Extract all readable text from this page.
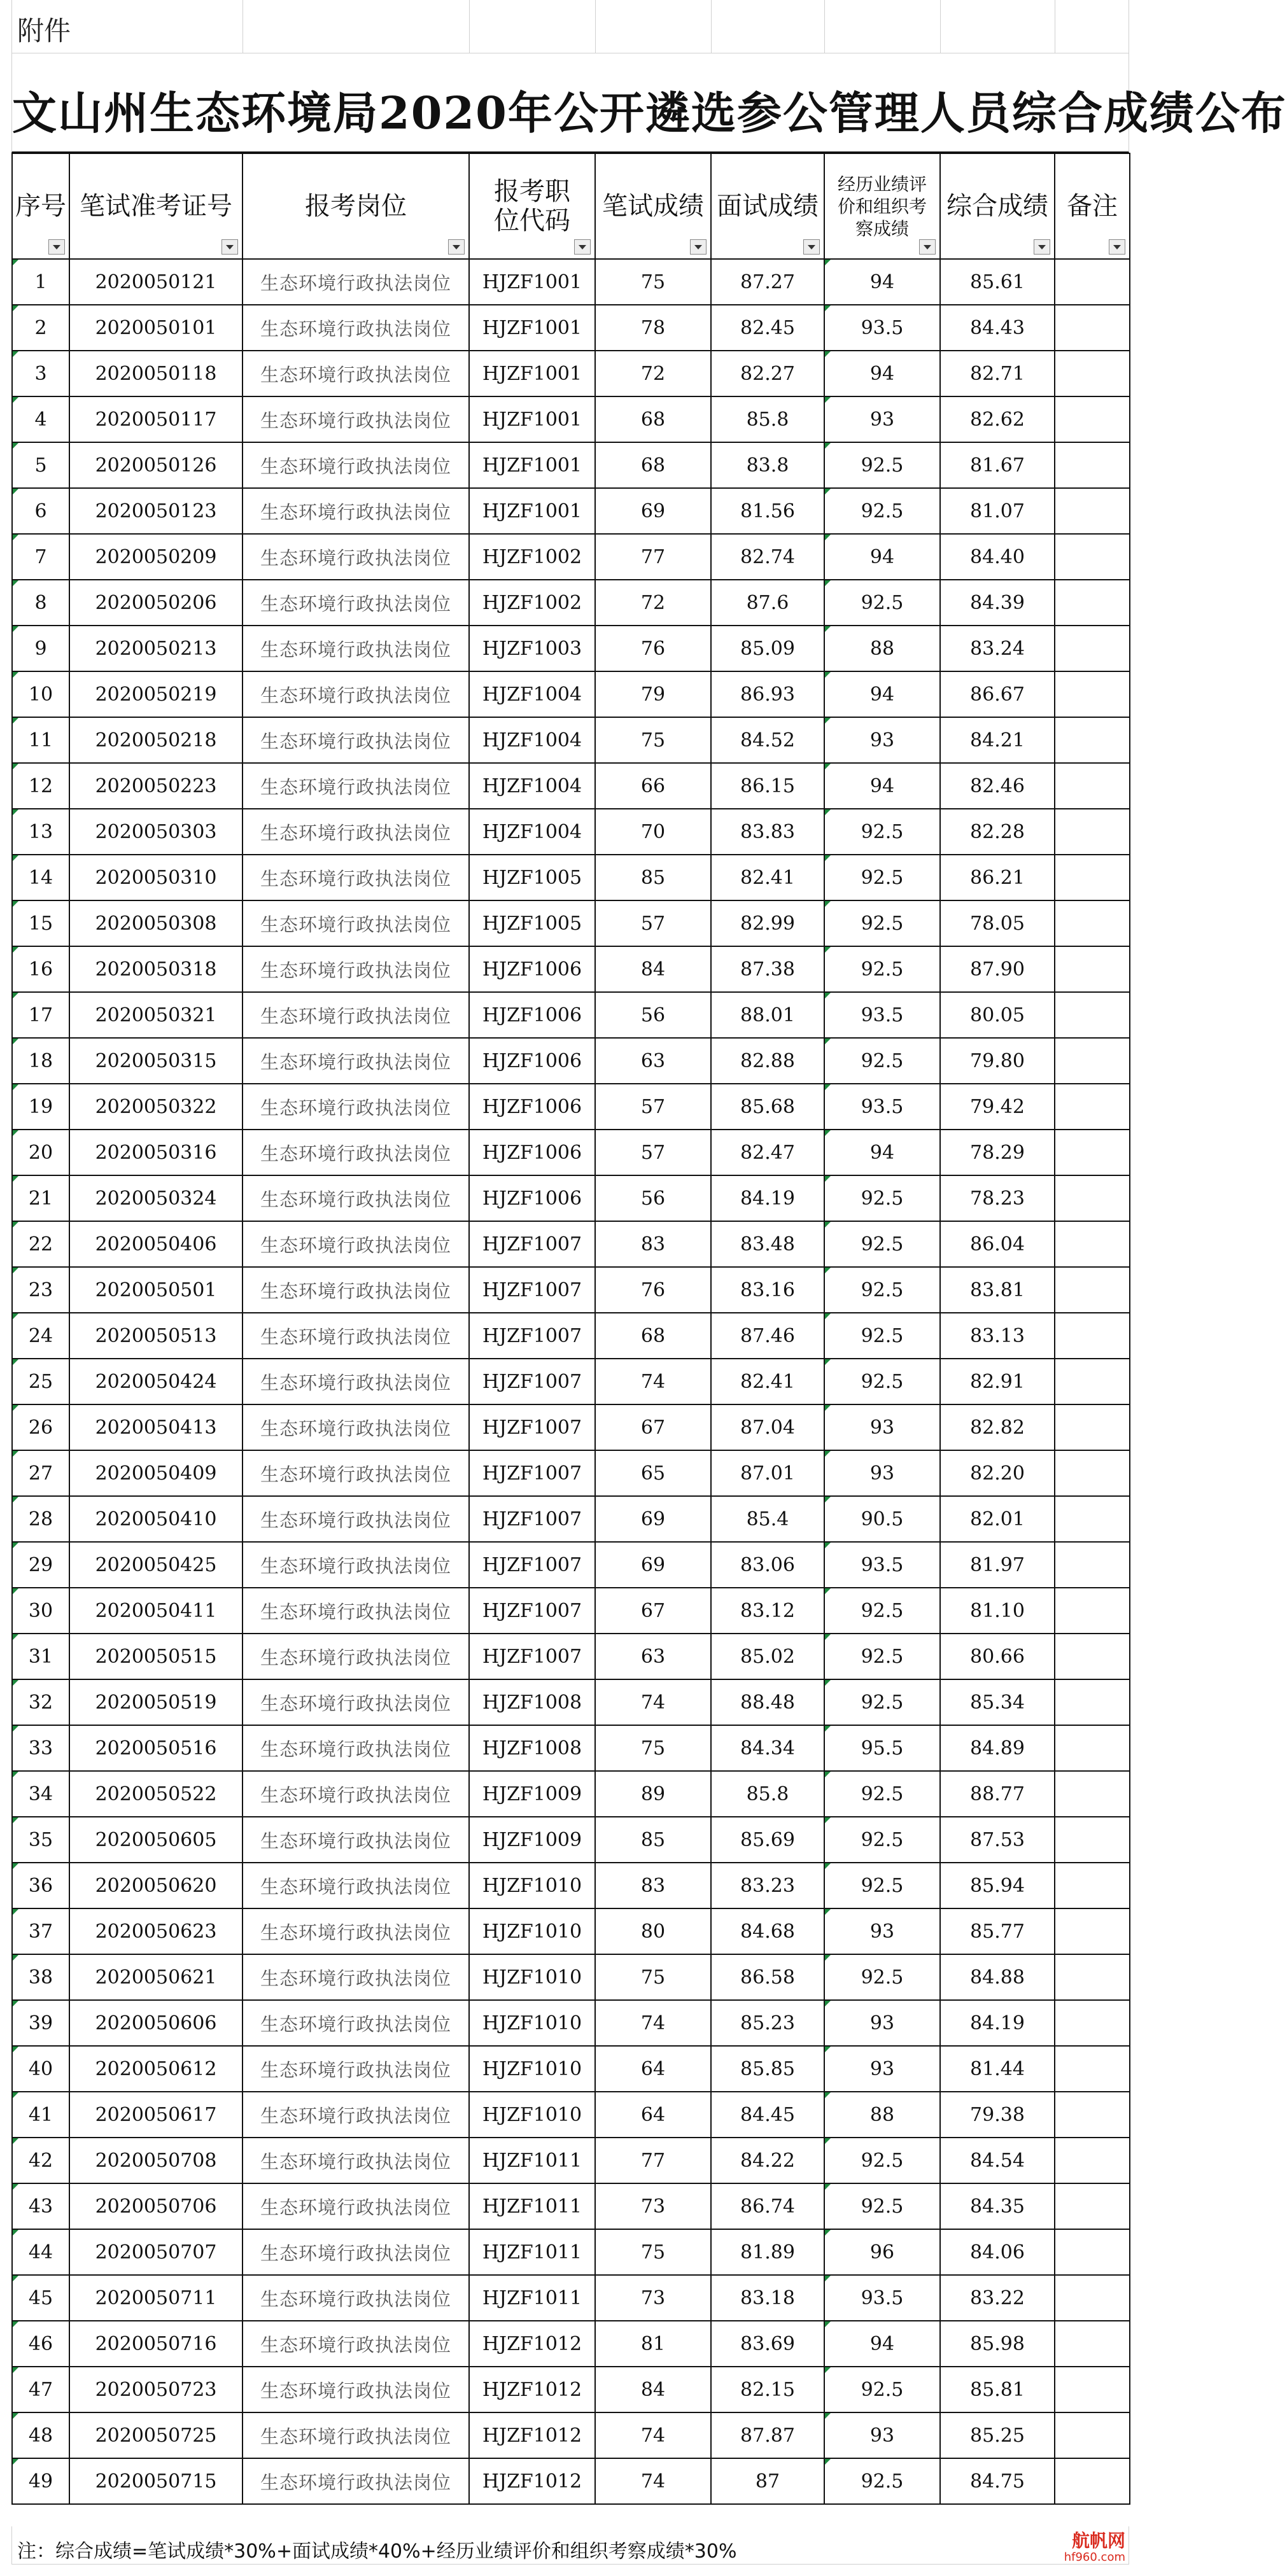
附件
文山州生态环境局2020年公开遴选参公管理人员综合成绩公布
序号	笔试准考证号	报考岗位	报考职位代码	笔试成绩	面试成绩	经历业绩评价和组织考察成绩	综合成绩	备注

1	2020050121	生态环境行政执法岗位	HJZF1001	75	87.27	94	85.61	
2	2020050101	生态环境行政执法岗位	HJZF1001	78	82.45	93.5	84.43	
3	2020050118	生态环境行政执法岗位	HJZF1001	72	82.27	94	82.71	
4	2020050117	生态环境行政执法岗位	HJZF1001	68	85.8	93	82.62	
5	2020050126	生态环境行政执法岗位	HJZF1001	68	83.8	92.5	81.67	
6	2020050123	生态环境行政执法岗位	HJZF1001	69	81.56	92.5	81.07	
7	2020050209	生态环境行政执法岗位	HJZF1002	77	82.74	94	84.40	
8	2020050206	生态环境行政执法岗位	HJZF1002	72	87.6	92.5	84.39	
9	2020050213	生态环境行政执法岗位	HJZF1003	76	85.09	88	83.24	
10	2020050219	生态环境行政执法岗位	HJZF1004	79	86.93	94	86.67	
11	2020050218	生态环境行政执法岗位	HJZF1004	75	84.52	93	84.21	
12	2020050223	生态环境行政执法岗位	HJZF1004	66	86.15	94	82.46	
13	2020050303	生态环境行政执法岗位	HJZF1004	70	83.83	92.5	82.28	
14	2020050310	生态环境行政执法岗位	HJZF1005	85	82.41	92.5	86.21	
15	2020050308	生态环境行政执法岗位	HJZF1005	57	82.99	92.5	78.05	
16	2020050318	生态环境行政执法岗位	HJZF1006	84	87.38	92.5	87.90	
17	2020050321	生态环境行政执法岗位	HJZF1006	56	88.01	93.5	80.05	
18	2020050315	生态环境行政执法岗位	HJZF1006	63	82.88	92.5	79.80	
19	2020050322	生态环境行政执法岗位	HJZF1006	57	85.68	93.5	79.42	
20	2020050316	生态环境行政执法岗位	HJZF1006	57	82.47	94	78.29	
21	2020050324	生态环境行政执法岗位	HJZF1006	56	84.19	92.5	78.23	
22	2020050406	生态环境行政执法岗位	HJZF1007	83	83.48	92.5	86.04	
23	2020050501	生态环境行政执法岗位	HJZF1007	76	83.16	92.5	83.81	
24	2020050513	生态环境行政执法岗位	HJZF1007	68	87.46	92.5	83.13	
25	2020050424	生态环境行政执法岗位	HJZF1007	74	82.41	92.5	82.91	
26	2020050413	生态环境行政执法岗位	HJZF1007	67	87.04	93	82.82	
27	2020050409	生态环境行政执法岗位	HJZF1007	65	87.01	93	82.20	
28	2020050410	生态环境行政执法岗位	HJZF1007	69	85.4	90.5	82.01	
29	2020050425	生态环境行政执法岗位	HJZF1007	69	83.06	93.5	81.97	
30	2020050411	生态环境行政执法岗位	HJZF1007	67	83.12	92.5	81.10	
31	2020050515	生态环境行政执法岗位	HJZF1007	63	85.02	92.5	80.66	
32	2020050519	生态环境行政执法岗位	HJZF1008	74	88.48	92.5	85.34	
33	2020050516	生态环境行政执法岗位	HJZF1008	75	84.34	95.5	84.89	
34	2020050522	生态环境行政执法岗位	HJZF1009	89	85.8	92.5	88.77	
35	2020050605	生态环境行政执法岗位	HJZF1009	85	85.69	92.5	87.53	
36	2020050620	生态环境行政执法岗位	HJZF1010	83	83.23	92.5	85.94	
37	2020050623	生态环境行政执法岗位	HJZF1010	80	84.68	93	85.77	
38	2020050621	生态环境行政执法岗位	HJZF1010	75	86.58	92.5	84.88	
39	2020050606	生态环境行政执法岗位	HJZF1010	74	85.23	93	84.19	
40	2020050612	生态环境行政执法岗位	HJZF1010	64	85.85	93	81.44	
41	2020050617	生态环境行政执法岗位	HJZF1010	64	84.45	88	79.38	
42	2020050708	生态环境行政执法岗位	HJZF1011	77	84.22	92.5	84.54	
43	2020050706	生态环境行政执法岗位	HJZF1011	73	86.74	92.5	84.35	
44	2020050707	生态环境行政执法岗位	HJZF1011	75	81.89	96	84.06	
45	2020050711	生态环境行政执法岗位	HJZF1011	73	83.18	93.5	83.22	
46	2020050716	生态环境行政执法岗位	HJZF1012	81	83.69	94	85.98	
47	2020050723	生态环境行政执法岗位	HJZF1012	84	82.15	92.5	85.81	
48	2020050725	生态环境行政执法岗位	HJZF1012	74	87.87	93	85.25	
49	2020050715	生态环境行政执法岗位	HJZF1012	74	87	92.5	84.75	
注：综合成绩=笔试成绩*30%+面试成绩*40%+经历业绩评价和组织考察成绩*30%	航帆网
hf960.com
